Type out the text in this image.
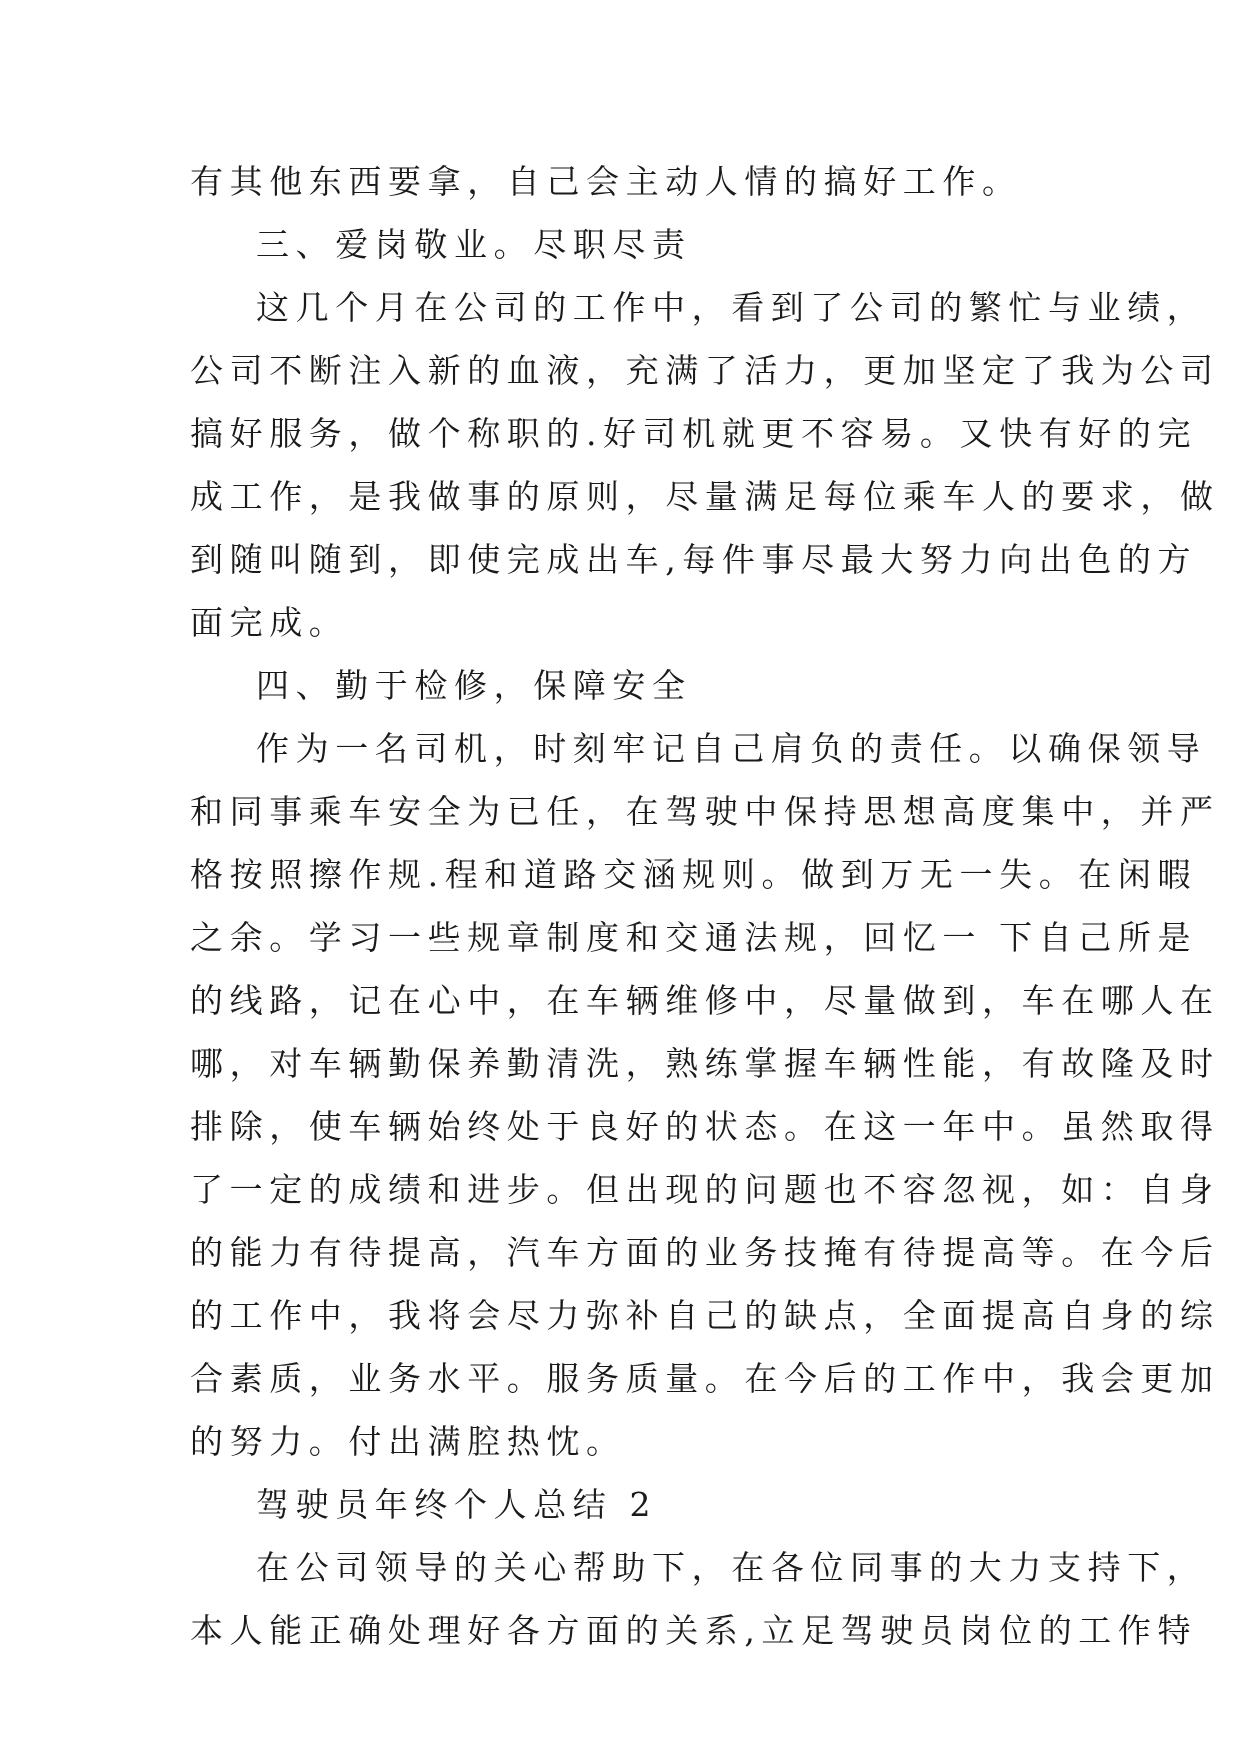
有其他东西要拿，自己会主动人情的搞好工作。
三、爱岗敬业。尽职尽责
这几个月在公司的工作中，看到了公司的繁忙与业绩，
公司不断注入新的血液，充满了活力，更加坚定了我为公司
搞好服务，做个称职的.好司机就更不容易。又快有好的完
成工作，是我做事的原则，尽量满足每位乘车人的要求，做
到随叫随到，即使完成出车,每件事尽最大努力向出色的方
面完成。
四、勤于检修，保障安全
作为一名司机，时刻牢记自己肩负的责任。以确保领导
和同事乘车安全为已任，在驾驶中保持思想高度集中，并严
格按照擦作规.程和道路交涵规则。做到万无一失。在闲暇
之余。学习一些规章制度和交通法规，回忆一 下自己所是
的线路，记在心中，在车辆维修中，尽量做到，车在哪人在
哪，对车辆勤保养勤清洗，熟练掌握车辆性能，有故隆及时
排除，使车辆始终处于良好的状态。在这一年中。虽然取得
了一定的成绩和进步。但出现的问题也不容忽视，如：自身
的能力有待提高，汽车方面的业务技掩有待提高等。在今后
的工作中，我将会尽力弥补自己的缺点，全面提高自身的综
合素质，业务水平。服务质量。在今后的工作中，我会更加
的努力。付出满腔热忱。
驾驶员年终个人总结 2
在公司领导的关心帮助下，在各位同事的大力支持下，
本人能正确处理好各方面的关系,立足驾驶员岗位的工作特
